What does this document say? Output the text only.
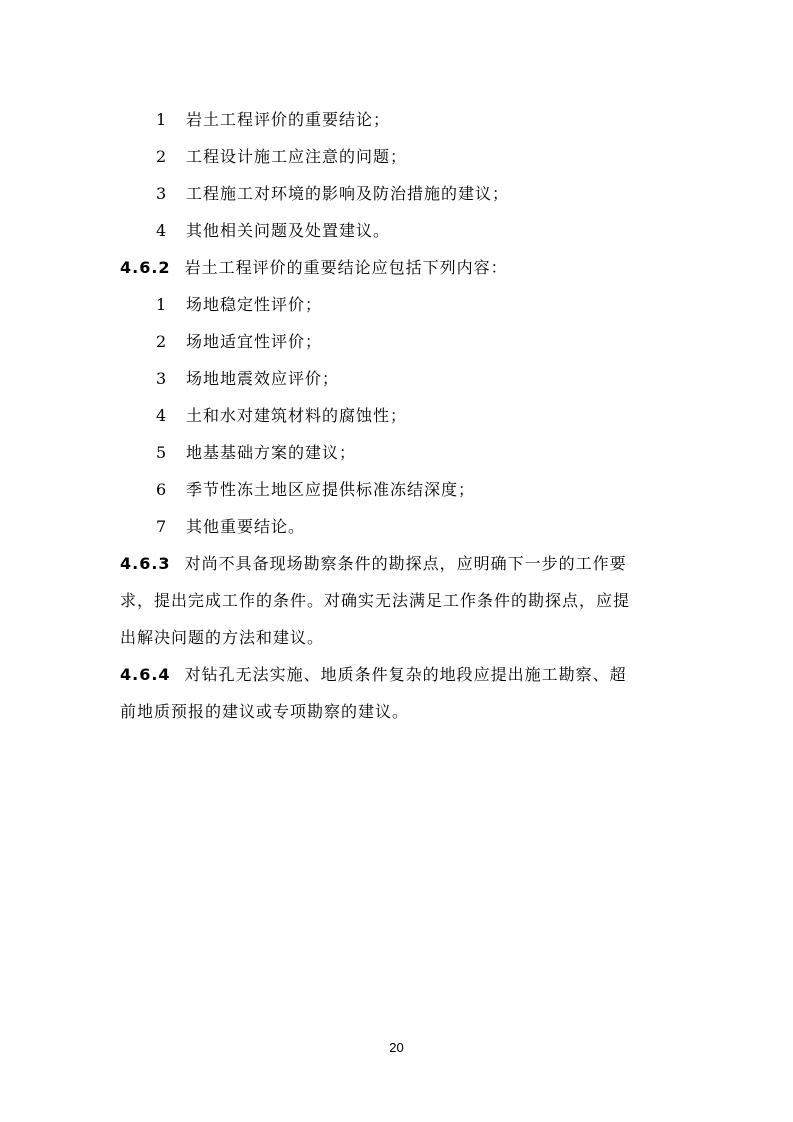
1 岩土工程评价的重要结论；
2 工程设计施工应注意的问题；
3 工程施工对环境的影响及防治措施的建议；
4 其他相关问题及处置建议。
4.6.2 岩土工程评价的重要结论应包括下列内容：
1 场地稳定性评价；
2 场地适宜性评价；
3 场地地震效应评价；
4 土和水对建筑材料的腐蚀性；
5 地基基础方案的建议；
6 季节性冻土地区应提供标准冻结深度；
7 其他重要结论。
4.6.3 对尚不具备现场勘察条件的勘探点，应明确下一步的工作要
求，提出完成工作的条件。对确实无法满足工作条件的勘探点，应提
出解决问题的方法和建议。
4.6.4 对钻孔无法实施、地质条件复杂的地段应提出施工勘察、超
前地质预报的建议或专项勘察的建议。
20
